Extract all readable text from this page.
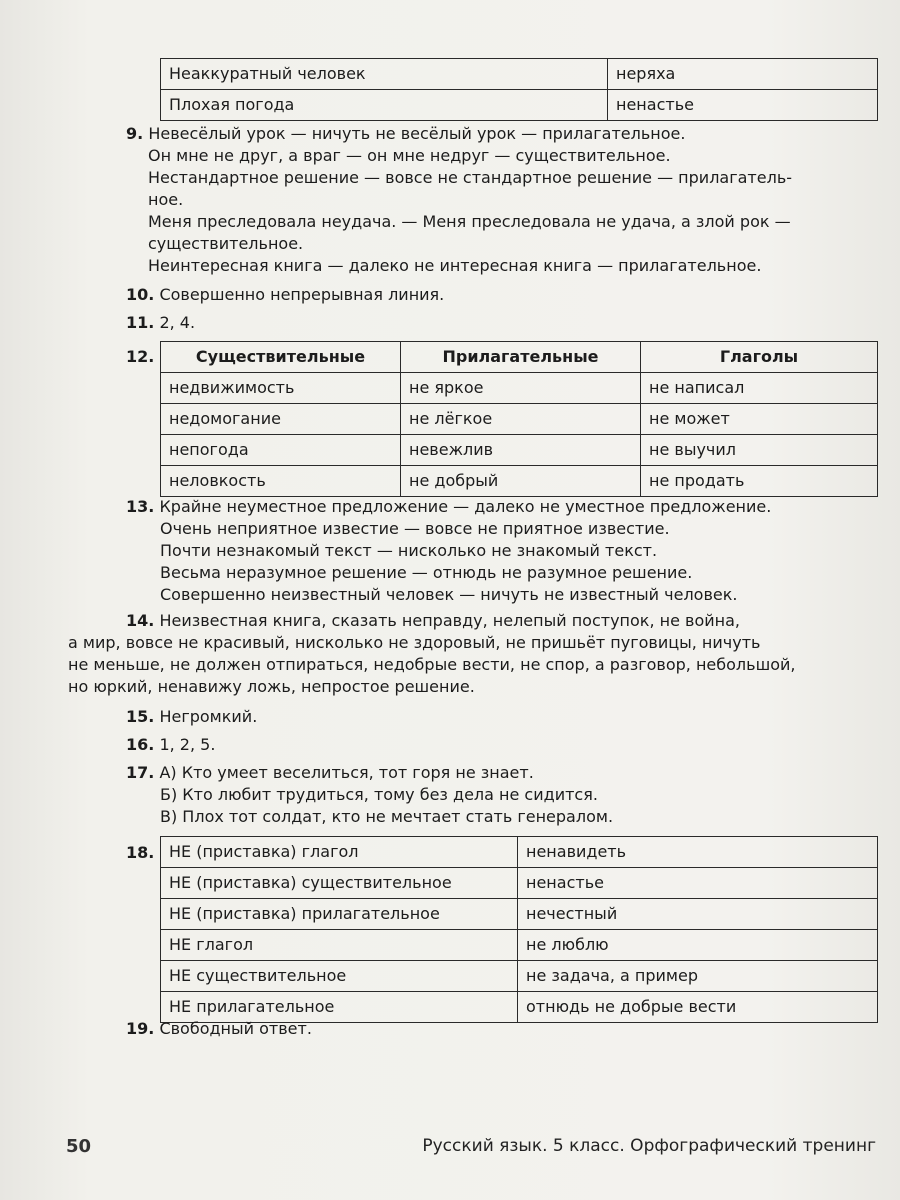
Неаккуратный человек	неряха
Плохая погода	ненастье
9. Невесёлый урок — ничуть не весёлый урок — прилагательное.
Он мне не друг, а враг — он мне недруг — существительное.
Нестандартное решение — вовсе не стандартное решение — прилагатель-
ное.
Меня преследовала неудача. — Меня преследовала не удача, а злой рок —
существительное.
Неинтересная книга — далеко не интересная книга — прилагательное.
10. Совершенно непрерывная линия.
11. 2, 4.
12.	Существительные	Прилагательные	Глаголы
недвижимость	не яркое	не написал
недомогание	не лёгкое	не может
непогода	невежлив	не выучил
неловкость	не добрый	не продать
13. Крайне неуместное предложение — далеко не уместное предложение.
Очень неприятное известие — вовсе не приятное известие.
Почти незнакомый текст — нисколько не знакомый текст.
Весьма неразумное решение — отнюдь не разумное решение.
Совершенно неизвестный человек — ничуть не известный человек.
14. Неизвестная книга, сказать неправду, нелепый поступок, не война,
а мир, вовсе не красивый, нисколько не здоровый, не пришьёт пуговицы, ничуть
не меньше, не должен отпираться, недобрые вести, не спор, а разговор, небольшой,
но юркий, ненавижу ложь, непростое решение.
15. Негромкий.
16. 1, 2, 5.
17. А) Кто умеет веселиться, тот горя не знает.
Б) Кто любит трудиться, тому без дела не сидится.
В) Плох тот солдат, кто не мечтает стать генералом.
18. НЕ (приставка) глагол	ненавидеть
НЕ (приставка) существительное	ненастье
НЕ (приставка) прилагательное	нечестный
НЕ глагол	не люблю
НЕ существительное	не задача, а пример
НЕ прилагательное	отнюдь не добрые вести
19. Свободный ответ.
50	Русский язык. 5 класс. Орфографический тренинг
